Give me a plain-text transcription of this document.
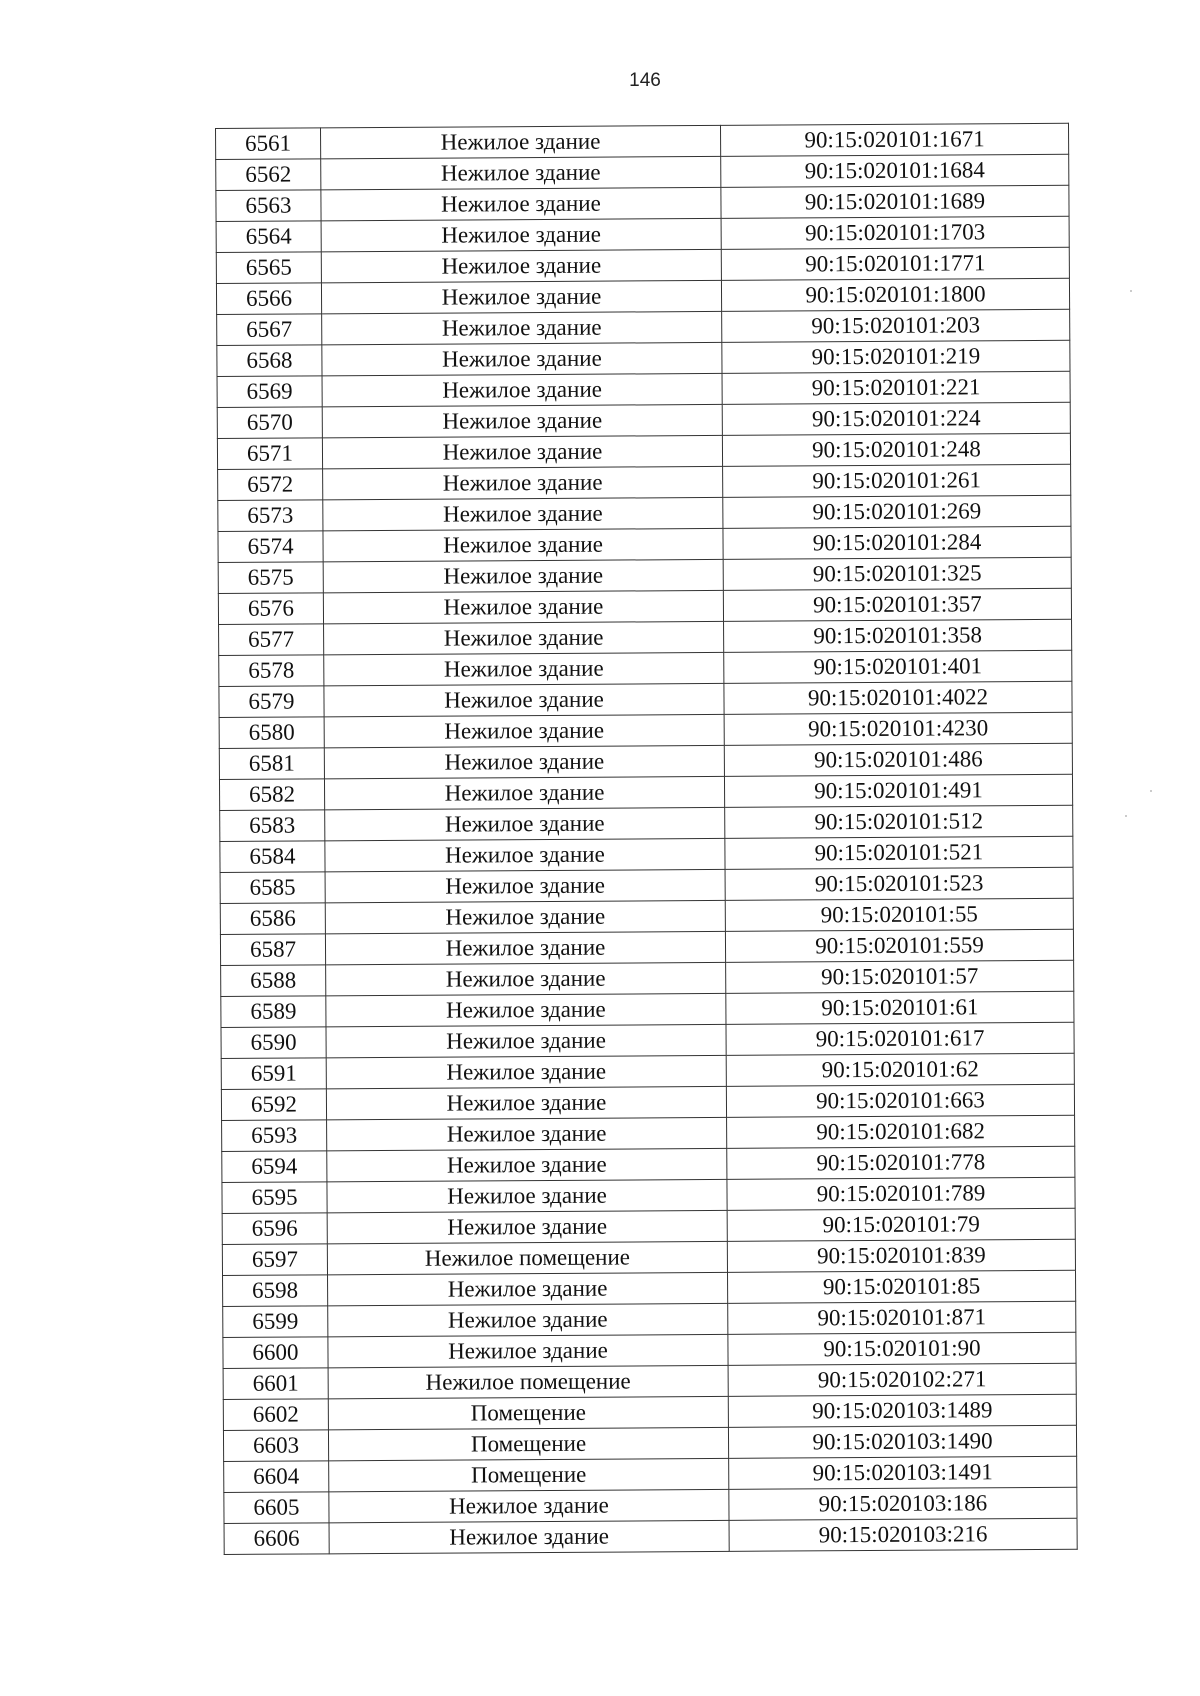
146
6561	Нежилое здание	90:15:020101:1671
6562	Нежилое здание	90:15:020101:1684
6563	Нежилое здание	90:15:020101:1689
6564	Нежилое здание	90:15:020101:1703
6565	Нежилое здание	90:15:020101:1771
6566	Нежилое здание	90:15:020101:1800
6567	Нежилое здание	90:15:020101:203
6568	Нежилое здание	90:15:020101:219
6569	Нежилое здание	90:15:020101:221
6570	Нежилое здание	90:15:020101:224
6571	Нежилое здание	90:15:020101:248
6572	Нежилое здание	90:15:020101:261
6573	Нежилое здание	90:15:020101:269
6574	Нежилое здание	90:15:020101:284
6575	Нежилое здание	90:15:020101:325
6576	Нежилое здание	90:15:020101:357
6577	Нежилое здание	90:15:020101:358
6578	Нежилое здание	90:15:020101:401
6579	Нежилое здание	90:15:020101:4022
6580	Нежилое здание	90:15:020101:4230
6581	Нежилое здание	90:15:020101:486
6582	Нежилое здание	90:15:020101:491
6583	Нежилое здание	90:15:020101:512
6584	Нежилое здание	90:15:020101:521
6585	Нежилое здание	90:15:020101:523
6586	Нежилое здание	90:15:020101:55
6587	Нежилое здание	90:15:020101:559
6588	Нежилое здание	90:15:020101:57
6589	Нежилое здание	90:15:020101:61
6590	Нежилое здание	90:15:020101:617
6591	Нежилое здание	90:15:020101:62
6592	Нежилое здание	90:15:020101:663
6593	Нежилое здание	90:15:020101:682
6594	Нежилое здание	90:15:020101:778
6595	Нежилое здание	90:15:020101:789
6596	Нежилое здание	90:15:020101:79
6597	Нежилое помещение	90:15:020101:839
6598	Нежилое здание	90:15:020101:85
6599	Нежилое здание	90:15:020101:871
6600	Нежилое здание	90:15:020101:90
6601	Нежилое помещение	90:15:020102:271
6602	Помещение	90:15:020103:1489
6603	Помещение	90:15:020103:1490
6604	Помещение	90:15:020103:1491
6605	Нежилое здание	90:15:020103:186
6606	Нежилое здание	90:15:020103:216
